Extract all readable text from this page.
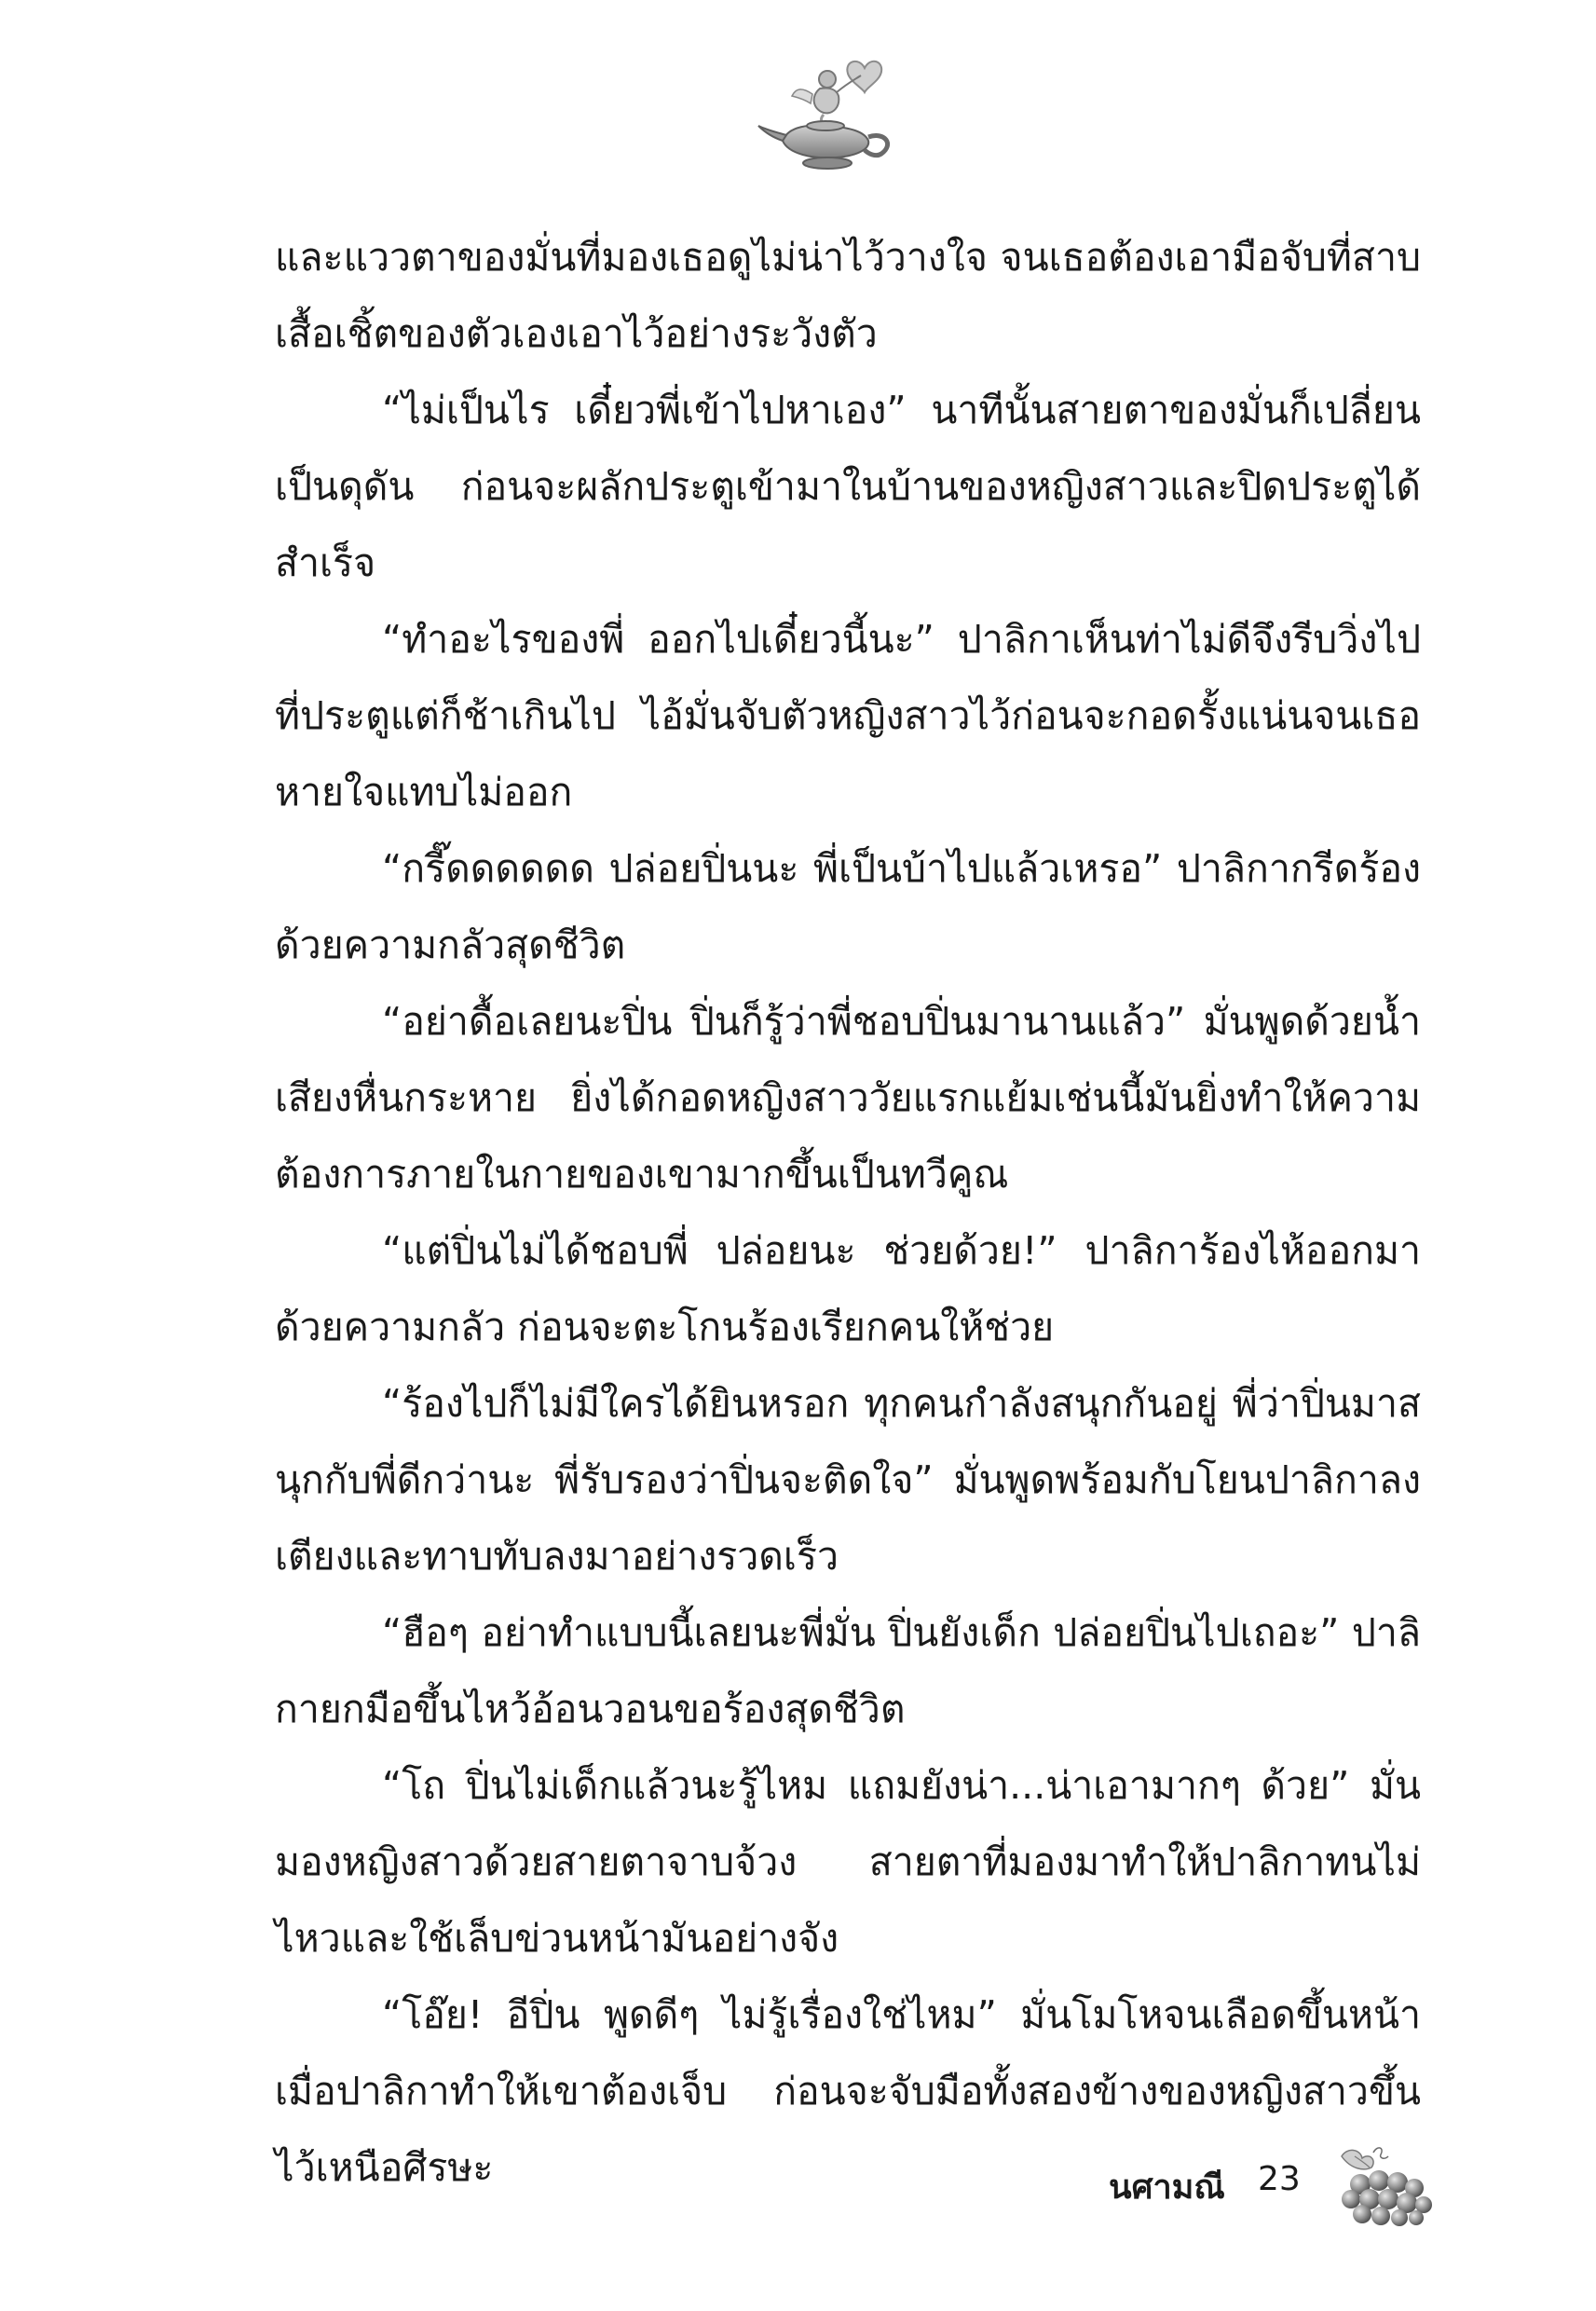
และแววตาของมั่นที่มองเธอดูไม่น่าไว้วางใจ จนเธอต้องเอามือจับที่สาบเสื้อเชิ้ตของตัวเองเอาไว้อย่างระวังตัว

“ไม่เป็นไร เดี๋ยวพี่เข้าไปหาเอง” นาทีนั้นสายตาของมั่นก็เปลี่ยนเป็นดุดัน ก่อนจะผลักประตูเข้ามาในบ้านของหญิงสาวและปิดประตูได้สำเร็จ

“ทำอะไรของพี่ ออกไปเดี๋ยวนี้นะ” ปาลิกาเห็นท่าไม่ดีจึงรีบวิ่งไปที่ประตูแต่ก็ช้าเกินไป ไอ้มั่นจับตัวหญิงสาวไว้ก่อนจะกอดรั้งแน่นจนเธอหายใจแทบไม่ออก

“กรี๊ดดดดดด ปล่อยปิ่นนะ พี่เป็นบ้าไปแล้วเหรอ” ปาลิกากรีดร้องด้วยความกลัวสุดชีวิต

“อย่าดื้อเลยนะปิ่น ปิ่นก็รู้ว่าพี่ชอบปิ่นมานานแล้ว” มั่นพูดด้วยน้ำเสียงหื่นกระหาย ยิ่งได้กอดหญิงสาววัยแรกแย้มเช่นนี้มันยิ่งทำให้ความต้องการภายในกายของเขามากขึ้นเป็นทวีคูณ

“แต่ปิ่นไม่ได้ชอบพี่ ปล่อยนะ ช่วยด้วย!” ปาลิการ้องไห้ออกมาด้วยความกลัว ก่อนจะตะโกนร้องเรียกคนให้ช่วย

“ร้องไปก็ไม่มีใครได้ยินหรอก ทุกคนกำลังสนุกกันอยู่ พี่ว่าปิ่นมาสนุกกับพี่ดีกว่านะ พี่รับรองว่าปิ่นจะติดใจ” มั่นพูดพร้อมกับโยนปาลิกาลงเตียงและทาบทับลงมาอย่างรวดเร็ว

“ฮือๆ อย่าทำแบบนี้เลยนะพี่มั่น ปิ่นยังเด็ก ปล่อยปิ่นไปเถอะ” ปาลิกายกมือขึ้นไหว้อ้อนวอนขอร้องสุดชีวิต

“โถ ปิ่นไม่เด็กแล้วนะรู้ไหม แถมยังน่า...น่าเอามากๆ ด้วย” มั่นมองหญิงสาวด้วยสายตาจาบจ้วง สายตาที่มองมาทำให้ปาลิกาทนไม่ไหวและใช้เล็บข่วนหน้ามันอย่างจัง

“โอ๊ย! อีปิ่น พูดดีๆ ไม่รู้เรื่องใช่ไหม” มั่นโมโหจนเลือดขึ้นหน้าเมื่อปาลิกาทำให้เขาต้องเจ็บ ก่อนจะจับมือทั้งสองข้างของหญิงสาวขึ้นไว้เหนือศีรษะ	นศามณี 23
